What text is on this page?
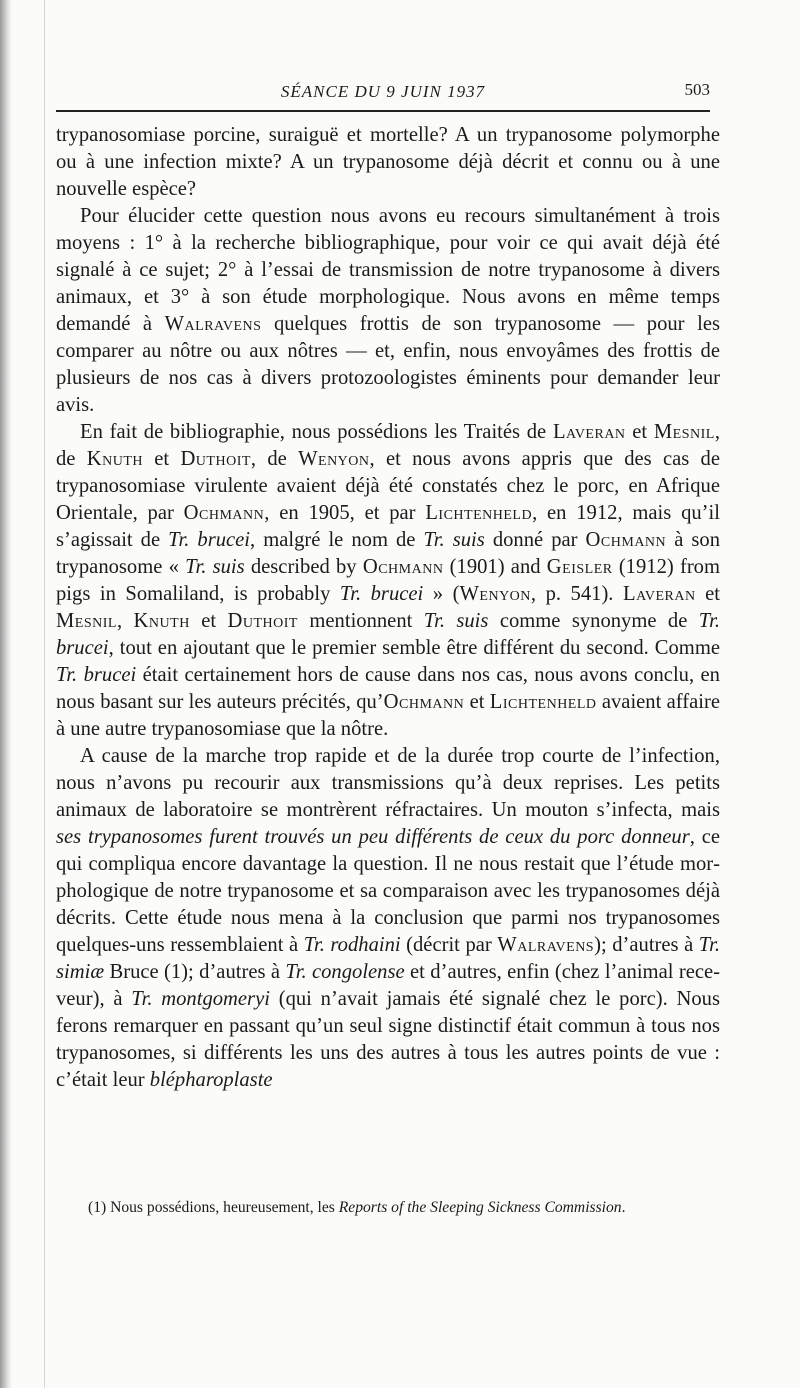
SÉANCE DU 9 JUIN 1937	503

trypanosomiase porcine, suraiguë et mortelle? A un trypanosome polymorphe ou à une infection mixte? A un trypanosome déjà décrit et connu ou à une nouvelle espèce?

Pour élucider cette question nous avons eu recours simultanément à trois moyens : 1° à la recherche bibliographique, pour voir ce qui avait déjà été signalé à ce sujet; 2° à l’essai de transmission de notre trypanosome à divers animaux, et 3° à son étude morphologique. Nous avons en même temps demandé à Walravens quelques frottis de son trypanosome — pour les comparer au nôtre ou aux nôtres — et, enfin, nous envoyâmes des frottis de plusieurs de nos cas à divers protozoologistes éminents pour demander leur avis.

En fait de bibliographie, nous possédions les Traités de Laveran et Mesnil, de Knuth et Duthoit, de Wenyon, et nous avons appris que des cas de trypanosomiase virulente avaient déjà été constatés chez le porc, en Afrique Orientale, par Ochmann, en 1905, et par Lichtenheld, en 1912, mais qu’il s’agissait de Tr. brucei, malgré le nom de Tr. suis donné par Ochmann à son trypanosome « Tr. suis described by Ochmann (1901) and Geisler (1912) from pigs in Somaliland, is probably Tr. brucei » (Wenyon, p. 541). Laveran et Mesnil, Knuth et Duthoit mentionnent Tr. suis comme synonyme de Tr. brucei, tout en ajoutant que le premier semble être différent du second. Comme Tr. brucei était certainement hors de cause dans nos cas, nous avons conclu, en nous basant sur les auteurs précités, qu’Ochmann et Lichtenheld avaient affaire à une autre trypanosomiase que la nôtre.

A cause de la marche trop rapide et de la durée trop courte de l’infection, nous n’avons pu recourir aux transmissions qu’à deux reprises. Les petits animaux de laboratoire se montrèrent réfractaires. Un mouton s’infecta, mais ses trypanosomes furent trouvés un peu différents de ceux du porc donneur, ce qui compliqua encore davantage la question. Il ne nous restait que l’étude morphologique de notre trypanosome et sa comparaison avec les trypanosomes déjà décrits. Cette étude nous mena à la conclusion que parmi nos trypanosomes quelques-uns ressemblaient à Tr. rodhaini (décrit par Walravens); d’autres à Tr. simiæ Bruce (1); d’autres à Tr. congolense et d’autres, enfin (chez l’animal receveur), à Tr. montgomeryi (qui n’avait jamais été signalé chez le porc). Nous ferons remarquer en passant qu’un seul signe distinctif était commun à tous nos trypanosomes, si différents les uns des autres à tous les autres points de vue : c’était leur blépharoplaste

(1) Nous possédions, heureusement, les Reports of the Sleeping Sickness Commission.
